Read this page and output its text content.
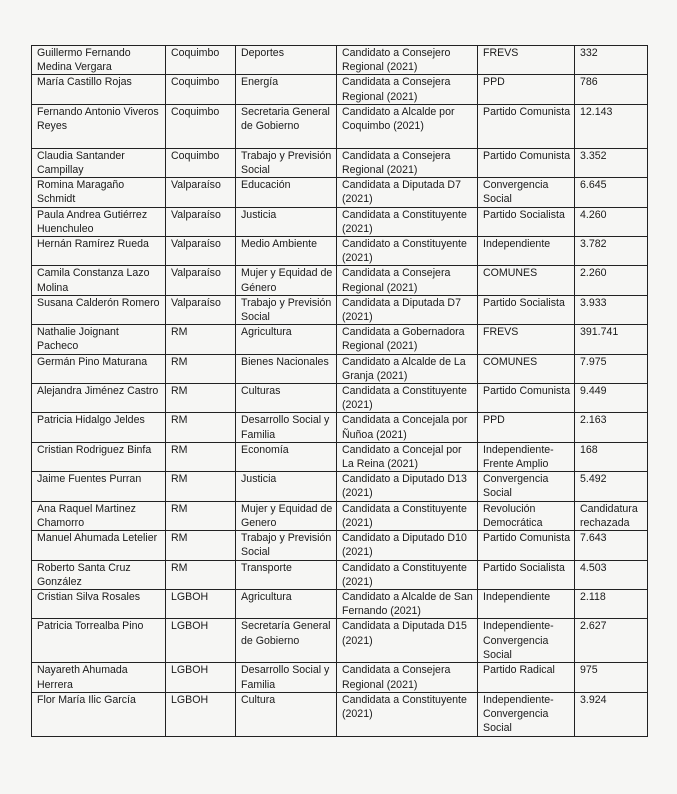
Guillermo Fernando Medina Vergara	Coquimbo	Deportes	Candidato a Consejero Regional (2021)	FREVS	332
María Castillo Rojas	Coquimbo	Energía	Candidata a Consejera Regional (2021)	PPD	786
Fernando Antonio Viveros Reyes	Coquimbo	Secretaria General de Gobierno	Candidato a Alcalde por Coquimbo (2021)	Partido Comunista	12.143
Claudia Santander Campillay	Coquimbo	Trabajo y Previsión Social	Candidata a Consejera Regional (2021)	Partido Comunista	3.352
Romina Maragaño Schmidt	Valparaíso	Educación	Candidata a Diputada D7 (2021)	Convergencia Social	6.645
Paula Andrea Gutiérrez Huenchuleo	Valparaíso	Justicia	Candidata a Constituyente (2021)	Partido Socialista	4.260
Hernán Ramírez Rueda	Valparaíso	Medio Ambiente	Candidato a Constituyente (2021)	Independiente	3.782
Camila Constanza Lazo Molina	Valparaíso	Mujer y Equidad de Género	Candidata a Consejera Regional (2021)	COMUNES	2.260
Susana Calderón Romero	Valparaíso	Trabajo y Previsión Social	Candidata a Diputada D7 (2021)	Partido Socialista	3.933
Nathalie Joignant Pacheco	RM	Agricultura	Candidata a Gobernadora Regional (2021)	FREVS	391.741
Germán Pino Maturana	RM	Bienes Nacionales	Candidato a Alcalde de La Granja (2021)	COMUNES	7.975
Alejandra Jiménez Castro	RM	Culturas	Candidata a Constituyente (2021)	Partido Comunista	9.449
Patricia Hidalgo Jeldes	RM	Desarrollo Social y Familia	Candidata a Concejala por Ñuñoa (2021)	PPD	2.163
Cristian Rodriguez Binfa	RM	Economía	Candidato a Concejal por La Reina (2021)	Independiente-Frente Amplio	168
Jaime Fuentes Purran	RM	Justicia	Candidato a Diputado D13 (2021)	Convergencia Social	5.492
Ana Raquel Martinez Chamorro	RM	Mujer y Equidad de Genero	Candidata a Constituyente (2021)	Revolución Democrática	Candidatura rechazada
Manuel Ahumada Letelier	RM	Trabajo y Previsión Social	Candidato a Diputado D10 (2021)	Partido Comunista	7.643
Roberto Santa Cruz González	RM	Transporte	Candidato a Constituyente (2021)	Partido Socialista	4.503
Cristian Silva Rosales	LGBOH	Agricultura	Candidato a Alcalde de San Fernando (2021)	Independiente	2.118
Patricia Torrealba Pino	LGBOH	Secretaría General de Gobierno	Candidata a Diputada D15 (2021)	Independiente-Convergencia Social	2.627
Nayareth Ahumada Herrera	LGBOH	Desarrollo Social y Familia	Candidata a Consejera Regional (2021)	Partido Radical	975
Flor María Ilic García	LGBOH	Cultura	Candidata a Constituyente (2021)	Independiente-Convergencia Social	3.924
